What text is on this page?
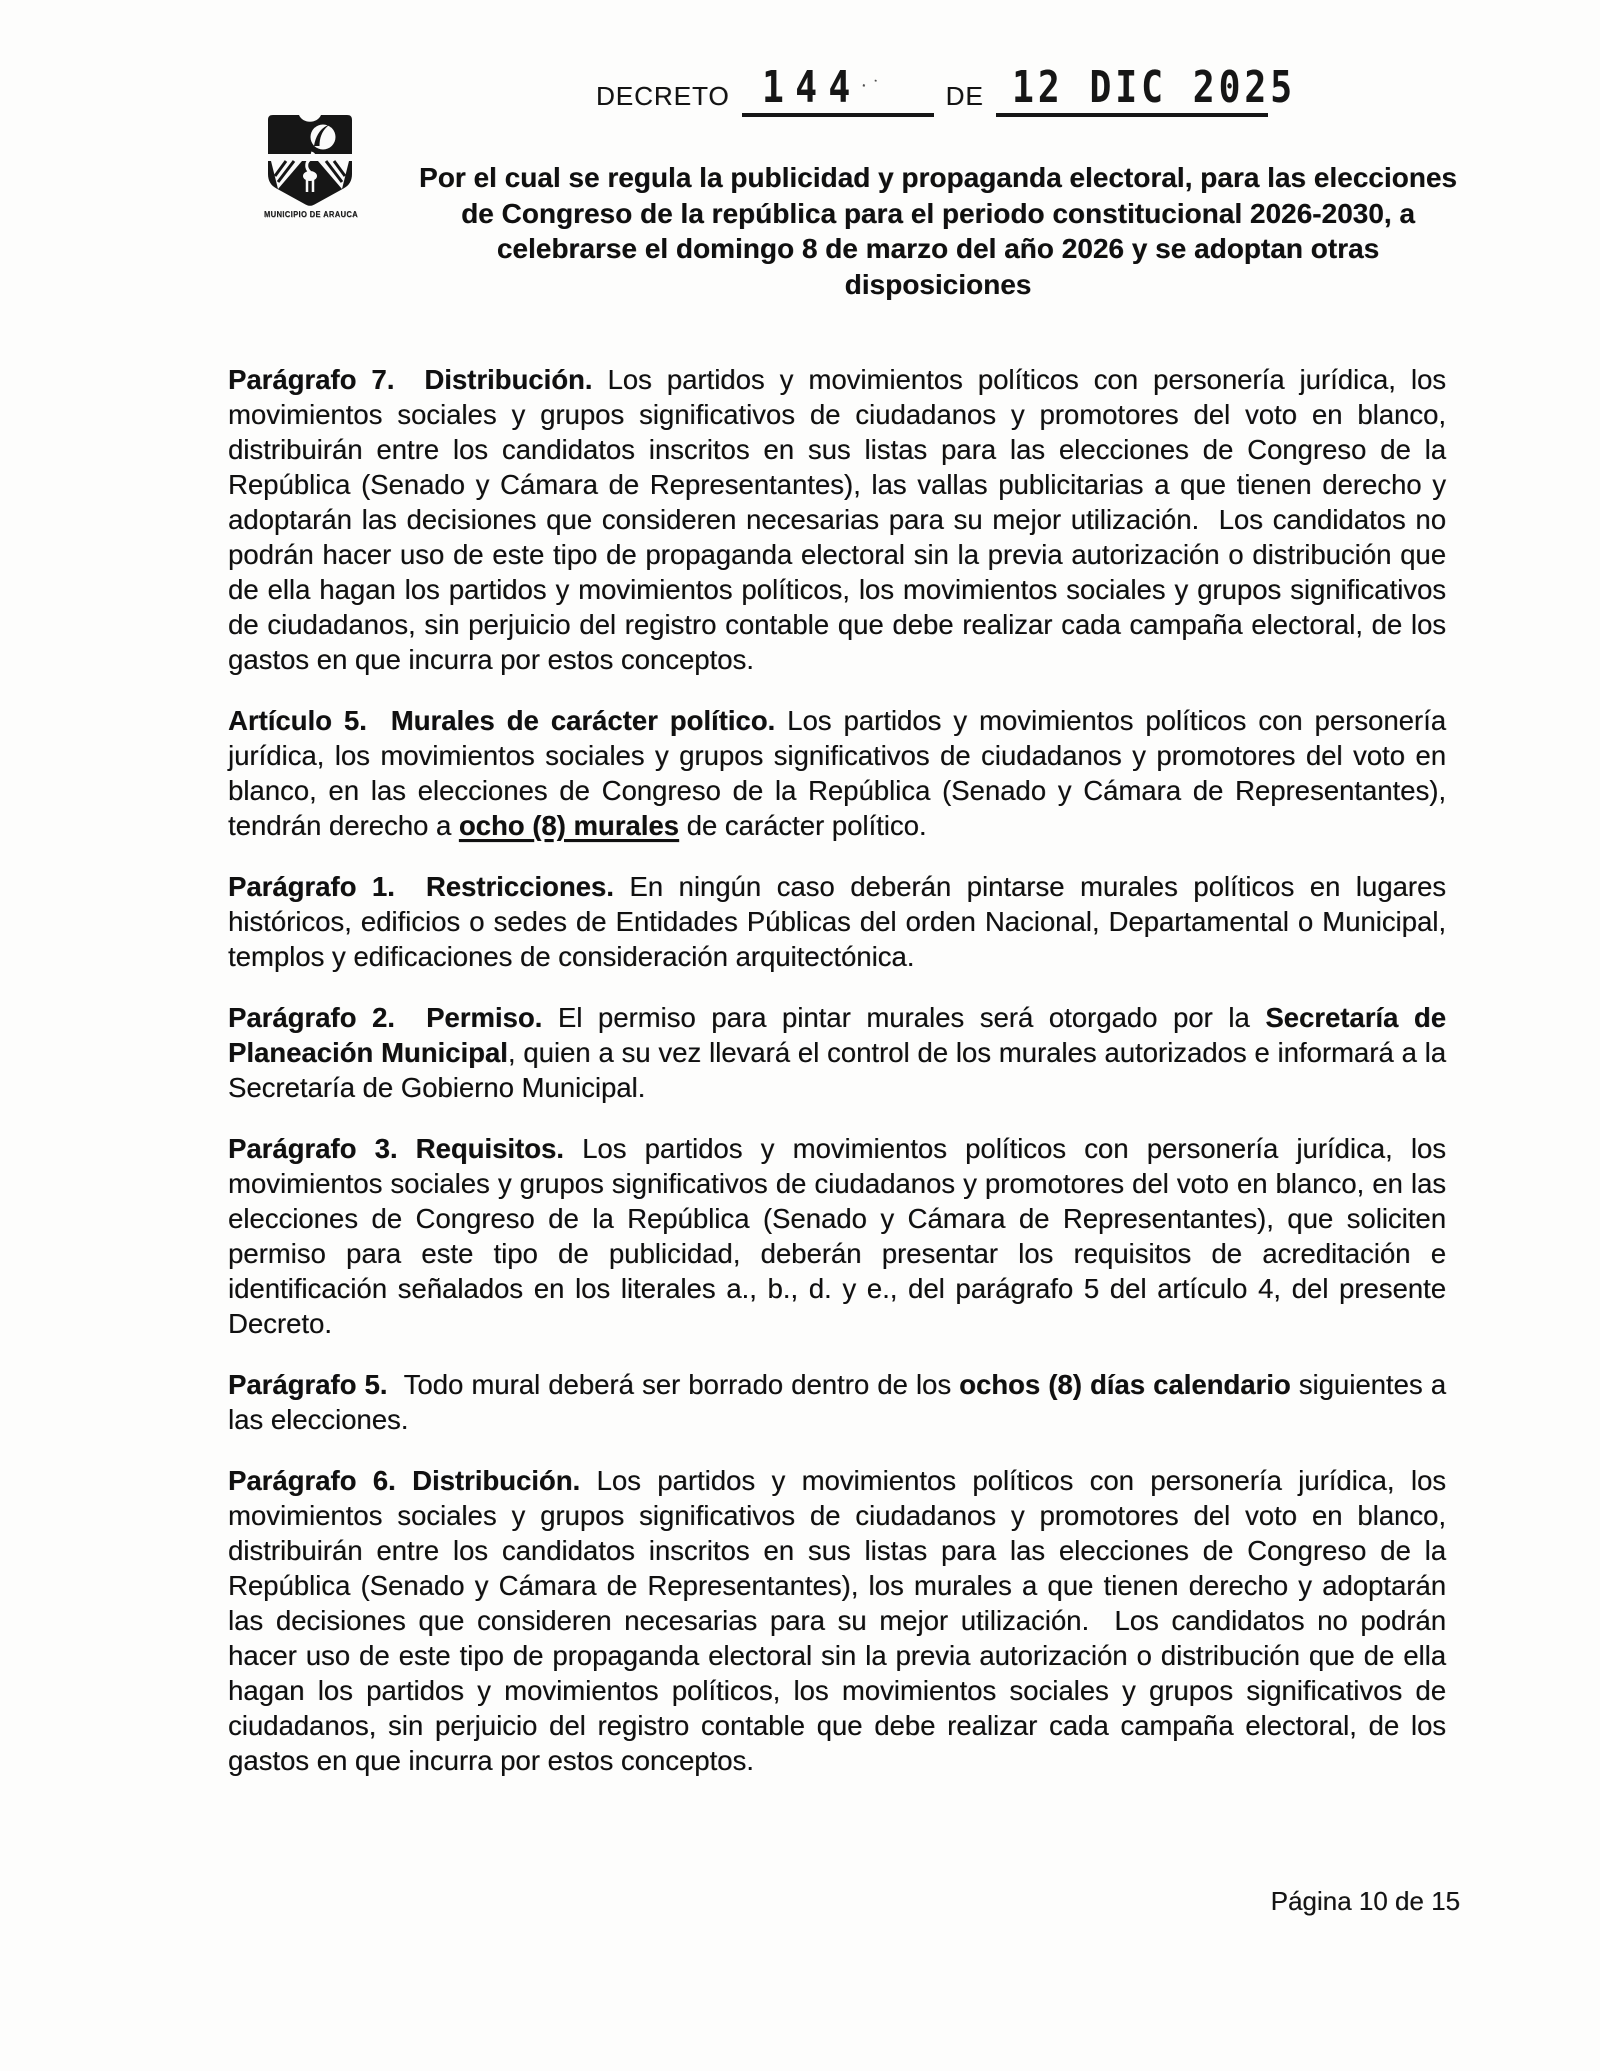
MUNICIPIO DE ARAUCA
DECRETO 144
·˙ DE 12 DIC 2025
Por el cual se regula la publicidad y propaganda electoral, para las elecciones
de Congreso de la república para el periodo constitucional 2026-2030, a
celebrarse el domingo 8 de marzo del año 2026 y se adoptan otras
disposiciones

Parágrafo 7.  Distribución. Los partidos y movimientos políticos con personería jurídica, los movimientos sociales y grupos significativos de ciudadanos y promotores del voto en blanco, distribuirán entre los candidatos inscritos en sus listas para las elecciones de Congreso de la República (Senado y Cámara de Representantes), las vallas publicitarias a que tienen derecho y adoptarán las decisiones que consideren necesarias para su mejor utilización.  Los candidatos no podrán hacer uso de este tipo de propaganda electoral sin la previa autorización o distribución que de ella hagan los partidos y movimientos políticos, los movimientos sociales y grupos significativos de ciudadanos, sin perjuicio del registro contable que debe realizar cada campaña electoral, de los gastos en que incurra por estos conceptos.

Artículo 5.  Murales de carácter político. Los partidos y movimientos políticos con personería jurídica, los movimientos sociales y grupos significativos de ciudadanos y promotores del voto en blanco, en las elecciones de Congreso de la República (Senado y Cámara de Representantes), tendrán derecho a ocho (8) murales de carácter político.

Parágrafo 1.  Restricciones. En ningún caso deberán pintarse murales políticos en lugares históricos, edificios o sedes de Entidades Públicas del orden Nacional, Departamental o Municipal, templos y edificaciones de consideración arquitectónica.

Parágrafo 2.  Permiso. El permiso para pintar murales será otorgado por la Secretaría de Planeación Municipal, quien a su vez llevará el control de los murales autorizados e informará a la Secretaría de Gobierno Municipal.

Parágrafo 3. Requisitos. Los partidos y movimientos políticos con personería jurídica, los movimientos sociales y grupos significativos de ciudadanos y promotores del voto en blanco, en las elecciones de Congreso de la República (Senado y Cámara de Representantes), que soliciten permiso para este tipo de publicidad, deberán presentar los requisitos de acreditación e identificación señalados en los literales a., b., d. y e., del parágrafo 5 del artículo 4, del presente Decreto.

Parágrafo 5.  Todo mural deberá ser borrado dentro de los ochos (8) días calendario siguientes a las elecciones.

Parágrafo 6. Distribución. Los partidos y movimientos políticos con personería jurídica, los movimientos sociales y grupos significativos de ciudadanos y promotores del voto en blanco, distribuirán entre los candidatos inscritos en sus listas para las elecciones de Congreso de la República (Senado y Cámara de Representantes), los murales a que tienen derecho y adoptarán las decisiones que consideren necesarias para su mejor utilización.  Los candidatos no podrán hacer uso de este tipo de propaganda electoral sin la previa autorización o distribución que de ella hagan los partidos y movimientos políticos, los movimientos sociales y grupos significativos de ciudadanos, sin perjuicio del registro contable que debe realizar cada campaña electoral, de los gastos en que incurra por estos conceptos.

Página 10 de 15
